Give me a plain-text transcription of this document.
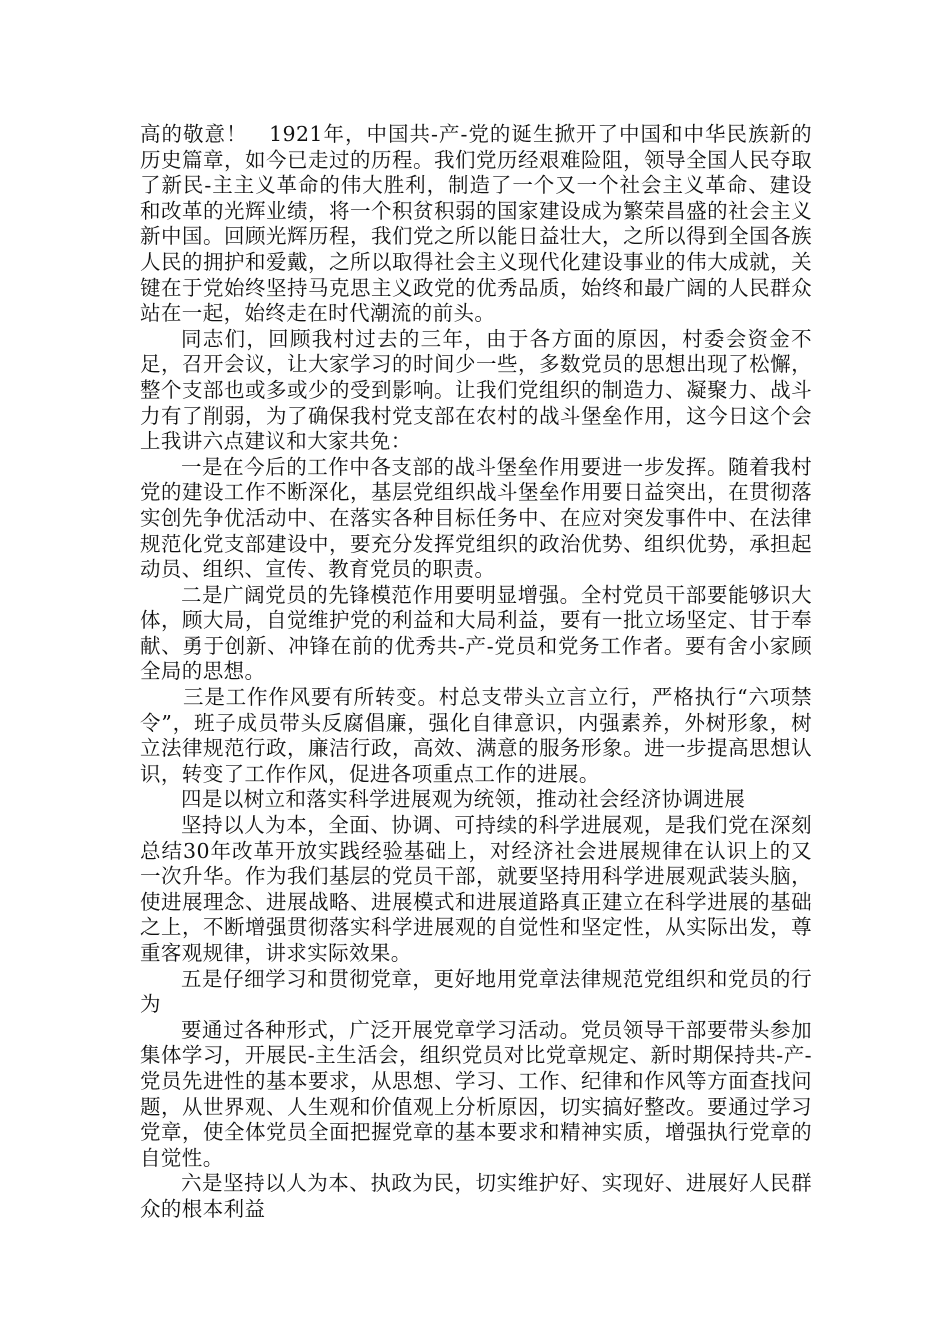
高的敬意！　1921年，中国共-产-党的诞生掀开了中国和中华民族新的历史篇章，如今已走过的历程。我们党历经艰难险阻，领导全国人民夺取了新民-主主义革命的伟大胜利，制造了一个又一个社会主义革命、建设和改革的光辉业绩，将一个积贫积弱的国家建设成为繁荣昌盛的社会主义新中国。回顾光辉历程，我们党之所以能日益壮大，之所以得到全国各族人民的拥护和爱戴，之所以取得社会主义现代化建设事业的伟大成就，关键在于党始终坚持马克思主义政党的优秀品质，始终和最广阔的人民群众站在一起，始终走在时代潮流的前头。

同志们，回顾我村过去的三年，由于各方面的原因，村委会资金不足，召开会议，让大家学习的时间少一些，多数党员的思想出现了松懈，整个支部也或多或少的受到影响。让我们党组织的制造力、凝聚力、战斗力有了削弱，为了确保我村党支部在农村的战斗堡垒作用，这今日这个会上我讲六点建议和大家共免：

一是在今后的工作中各支部的战斗堡垒作用要进一步发挥。随着我村党的建设工作不断深化，基层党组织战斗堡垒作用要日益突出，在贯彻落实创先争优活动中、在落实各种目标任务中、在应对突发事件中、在法律规范化党支部建设中，要充分发挥党组织的政治优势、组织优势，承担起动员、组织、宣传、教育党员的职责。

二是广阔党员的先锋模范作用要明显增强。全村党员干部要能够识大体，顾大局，自觉维护党的利益和大局利益，要有一批立场坚定、甘于奉献、勇于创新、冲锋在前的优秀共-产-党员和党务工作者。要有舍小家顾全局的思想。

三是工作作风要有所转变。村总支带头立言立行，严格执行“六项禁令”，班子成员带头反腐倡廉，强化自律意识，内强素养，外树形象，树立法律规范行政，廉洁行政，高效、满意的服务形象。进一步提高思想认识，转变了工作作风，促进各项重点工作的进展。

四是以树立和落实科学进展观为统领，推动社会经济协调进展

坚持以人为本，全面、协调、可持续的科学进展观，是我们党在深刻总结30年改革开放实践经验基础上，对经济社会进展规律在认识上的又一次升华。作为我们基层的党员干部，就要坚持用科学进展观武装头脑，使进展理念、进展战略、进展模式和进展道路真正建立在科学进展的基础之上，不断增强贯彻落实科学进展观的自觉性和坚定性，从实际出发，尊重客观规律，讲求实际效果。

五是仔细学习和贯彻党章，更好地用党章法律规范党组织和党员的行为

要通过各种形式，广泛开展党章学习活动。党员领导干部要带头参加集体学习，开展民-主生活会，组织党员对比党章规定、新时期保持共-产-党员先进性的基本要求，从思想、学习、工作、纪律和作风等方面查找问题，从世界观、人生观和价值观上分析原因，切实搞好整改。要通过学习党章，使全体党员全面把握党章的基本要求和精神实质，增强执行党章的自觉性。

六是坚持以人为本、执政为民，切实维护好、实现好、进展好人民群众的根本利益
